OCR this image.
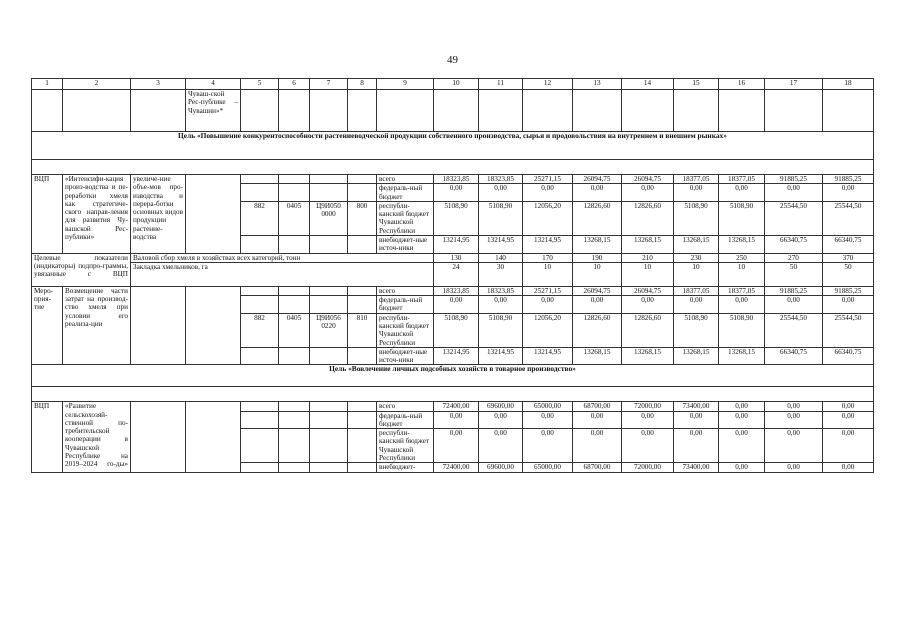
49
1	2	3	4	5	6	7	8	9	10	11	12	13	14	15	16	17	18
			Чуваш-ской Рес-публике – Чувашии»*														
Цель «Повышение конкурентоспособности растениеводческой продукции собственного производства, сырья и продовольствия на внутреннем и внешнем рынках»																	

ВЦП	«Интенсифи-кация произ-водства и пе-реработки хмеля как стратегиче-ского направ-ления для развития Чу-вашской Рес-публики»	увеличе-ние объе-мов про-изводства и перера-ботки основных видов продукции растение-водства						всего	18323,85	18323,85	25271,15	26094,75	26094,75	18377,05	18377,05	91885,25	91885,25
								федераль-ный бюджет	0,00	0,00	0,00	0,00	0,00	0,00	0,00	0,00	0,00
				882	0405	Ц9И050 0000	800	республи-канский бюджет Чувашской Республики	5108,90	5108,90	12056,20	12826,60	12826,60	5108,90	5108,90	25544,50	25544,50
								внебюджет-ные источ-ники	13214,95	13214,95	13214,95	13268,15	13268,15	13268,15	13268,15	66340,75	66340,75
Целевые показатели (индикаторы) подпро-граммы, увязанные с ВЦП		Валовой сбор хмеля в хозяйствах всех категорий, тонн							130	140	170	190	210	230	250	270	370
		Закладка хмельников, га							24	30	10	10	10	10	10	50	50
Меро-прия-тие	Возмещение части затрат на производ-ство хмеля при условии его реализа-ции							всего	18323,85	18323,85	25271,15	26094,75	26094,75	18377,05	18377,05	91885,25	91885,25
								федераль-ный бюджет	0,00	0,00	0,00	0,00	0,00	0,00	0,00	0,00	0,00
				882	0405	Ц9И056 0220	810	республи-канский бюджет Чувашской Республики	5108,90	5108,90	12056,20	12826,60	12826,60	5108,90	5108,90	25544,50	25544,50
								внебюджет-ные источ-ники	13214,95	13214,95	13214,95	13268,15	13268,15	13268,15	13268,15	66340,75	66340,75
Цель «Вовлечение личных подсобных хозяйств в товарное производство»																	

ВЦП	«Развитие сельскохозяй-ственной по-требительской кооперации в Чувашской Республике на 2019–2024 го-ды»							всего	72400,00	69600,00	65000,00	68700,00	72000,00	73400,00	0,00	0,00	0,00
								федераль-ный бюджет	0,00	0,00	0,00	0,00	0,00	0,00	0,00	0,00	0,00
								республи-канский бюджет Чувашской Республики	0,00	0,00	0,00	0,00	0,00	0,00	0,00	0,00	0,00
								внебюджет-	72400,00	69600,00	65000,00	68700,00	72000,00	73400,00	0,00	0,00	0,00
